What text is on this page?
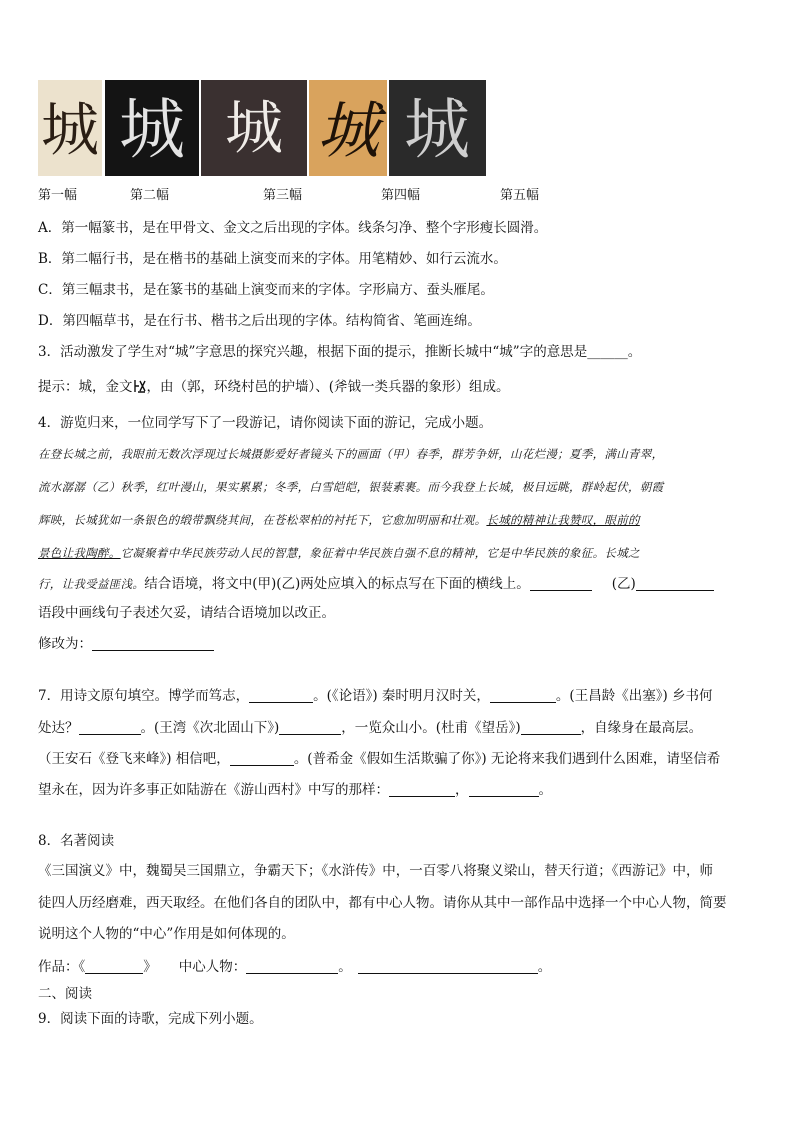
城 城 城 城 城
第一幅	第二幅	第三幅	第四幅	第五幅
A．第一幅篆书，是在甲骨文、金文之后出现的字体。线条匀净、整个字形瘦长圆滑。
B．第二幅行书，是在楷书的基础上演变而来的字体。用笔精妙、如行云流水。
C．第三幅隶书，是在篆书的基础上演变而来的字体。字形扁方、蚕头雁尾。
D．第四幅草书，是在行书、楷书之后出现的字体。结构简省、笔画连绵。
3．活动激发了学生对“城”字意思的探究兴趣，根据下面的提示，推断长城中“城”字的意思是______。
提示：城，金文 ，由（郭，环绕村邑的护墙）、(斧钺一类兵器的象形）组成。
4．游览归来，一位同学写下了一段游记，请你阅读下面的游记，完成小题。
在登长城之前，我眼前无数次浮现过长城摄影爱好者镜头下的画面（甲）春季，群芳争妍，山花烂漫；夏季，满山青翠，
流水潺潺（乙）秋季，红叶漫山，果实累累；冬季，白雪皑皑，银装素裹。而今我登上长城，极目远眺，群岭起伏，朝霞
辉映，长城犹如一条银色的缎带飘绕其间，在苍松翠柏的衬托下，它愈加明丽和壮观。长城的精神让我赞叹，眼前的
景色让我陶醉。它凝聚着中华民族劳动人民的智慧，象征着中华民族自强不息的精神，它是中华民族的象征。长城之
行，让我受益匪浅。结合语境，将文中(甲)(乙)两处应填入的标点写在下面的横线上。	(乙)
语段中画线句子表述欠妥，请结合语境加以改正。
修改为：
7．用诗文原句填空。博学而笃志，	。(《论语》) 秦时明月汉时关，	。(王昌龄《出塞》) 乡书何
处达？	。(王湾《次北固山下》)	，一览众山小。(杜甫《望岳》)	，自缘身在最高层。
（王安石《登飞来峰》) 相信吧，	。(普希金《假如生活欺骗了你》) 无论将来我们遇到什么困难，请坚信希
望永在，因为许多事正如陆游在《游山西村》中写的那样：	，	。
8．名著阅读
《三国演义》中，魏蜀吴三国鼎立，争霸天下；《水浒传》中，一百零八将聚义梁山，替天行道；《西游记》中，师
徒四人历经磨难，西天取经。在他们各自的团队中，都有中心人物。请你从其中一部作品中选择一个中心人物，简要
说明这个人物的“中心”作用是如何体现的。
作品：《	》 中心人物：	。	。
二、阅读
9．阅读下面的诗歌，完成下列小题。
